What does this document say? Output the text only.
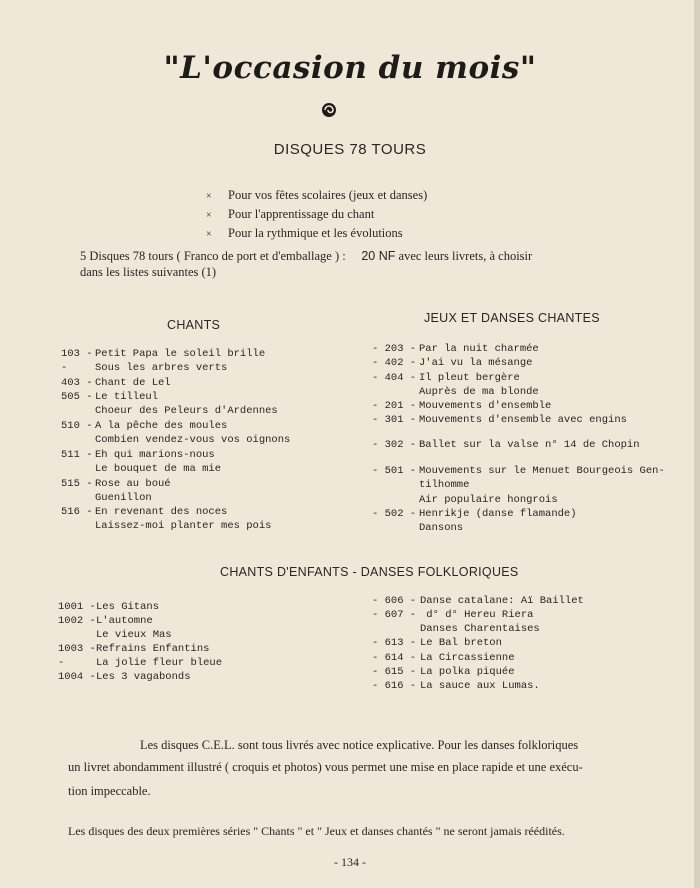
"L'occasion du mois"
DISQUES 78 TOURS
× Pour vos fêtes scolaires (jeux et danses)
× Pour l'apprentissage du chant
× Pour la rythmique et les évolutions
5 Disques 78 tours ( Franco de port et d'emballage ) : 20 NF avec leurs livrets, à choisir
dans les listes suivantes (1)
CHANTS	JEUX ET DANSES CHANTES
103 - Petit Papa le soleil brille
-	Sous les arbres verts
403 - Chant de Lel
505 - Le tilleul
Choeur des Peleurs d'Ardennes
510 - A la pêche des moules
Combien vendez-vous vos oignons
511 - Eh qui marions-nous
Le bouquet de ma mie
515 - Rose au boué
Guenillon
516 - En revenant des noces
Laissez-moi planter mes pois
- 203 - Par la nuit charmée
- 402 - J'ai vu la mésange
- 404 - Il pleut bergère
Auprès de ma blonde
- 201 - Mouvements d'ensemble
- 301 - Mouvements d'ensemble avec engins
- 302 - Ballet sur la valse n° 14 de Chopin
- 501 - Mouvements sur le Menuet Bourgeois Gen-
tilhomme
Air populaire hongrois
- 502 - Henrikje (danse flamande)
Dansons
CHANTS D'ENFANTS - DANSES FOLKLORIQUES
1001 -Les Gitans
1002 -L'automne
Le vieux Mas
1003 -Refrains Enfantins
-	La jolie fleur bleue
1004 -Les 3 vagabonds
- 606 - Danse catalane: Aï Baillet
- 607 - d° d° Hereu Riera
Danses Charentaises
- 613 - Le Bal breton
- 614 - La Circassienne
- 615 - La polka piquée
- 616 - La sauce aux Lumas.
Les disques C.E.L. sont tous livrés avec notice explicative. Pour les danses folkloriques
un livret abondamment illustré ( croquis et photos) vous permet une mise en place rapide et une exécu-
tion impeccable.
Les disques des deux premières séries " Chants " et " Jeux et danses chantés " ne seront jamais réédités.
- 134 -
